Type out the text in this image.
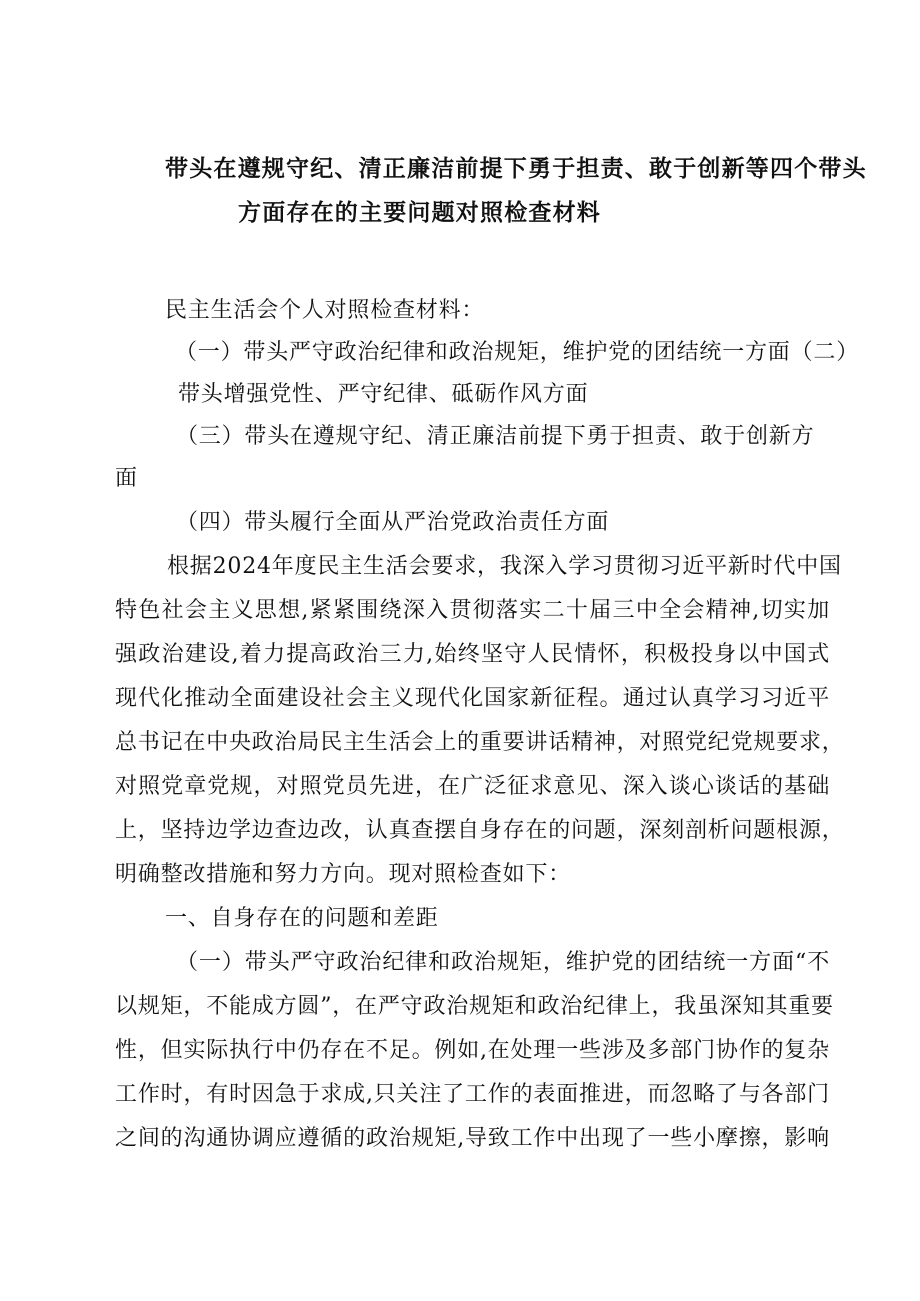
带头在遵规守纪、清正廉洁前提下勇于担责、敢于创新等四个带头

方面存在的主要问题对照检查材料

民主生活会个人对照检查材料：

（一）带头严守政治纪律和政治规矩，维护党的团结统一方面（二）

带头增强党性、严守纪律、砥砺作风方面

（三）带头在遵规守纪、清正廉洁前提下勇于担责、敢于创新方

面

（四）带头履行全面从严治党政治责任方面

根据2024年度民主生活会要求，我深入学习贯彻习近平新时代中国

特色社会主义思想,紧紧围绕深入贯彻落实二十届三中全会精神,切实加

强政治建设,着力提高政治三力,始终坚守人民情怀，积极投身以中国式

现代化推动全面建设社会主义现代化国家新征程。通过认真学习习近平

总书记在中央政治局民主生活会上的重要讲话精神，对照党纪党规要求，

对照党章党规，对照党员先进，在广泛征求意见、深入谈心谈话的基础

上，坚持边学边查边改，认真查摆自身存在的问题，深刻剖析问题根源，

明确整改措施和努力方向。现对照检查如下：

一、自身存在的问题和差距

（一）带头严守政治纪律和政治规矩，维护党的团结统一方面“不

以规矩，不能成方圆”，在严守政治规矩和政治纪律上，我虽深知其重要

性，但实际执行中仍存在不足。例如,在处理一些涉及多部门协作的复杂

工作时，有时因急于求成,只关注了工作的表面推进，而忽略了与各部门

之间的沟通协调应遵循的政治规矩,导致工作中出现了一些小摩擦，影响
